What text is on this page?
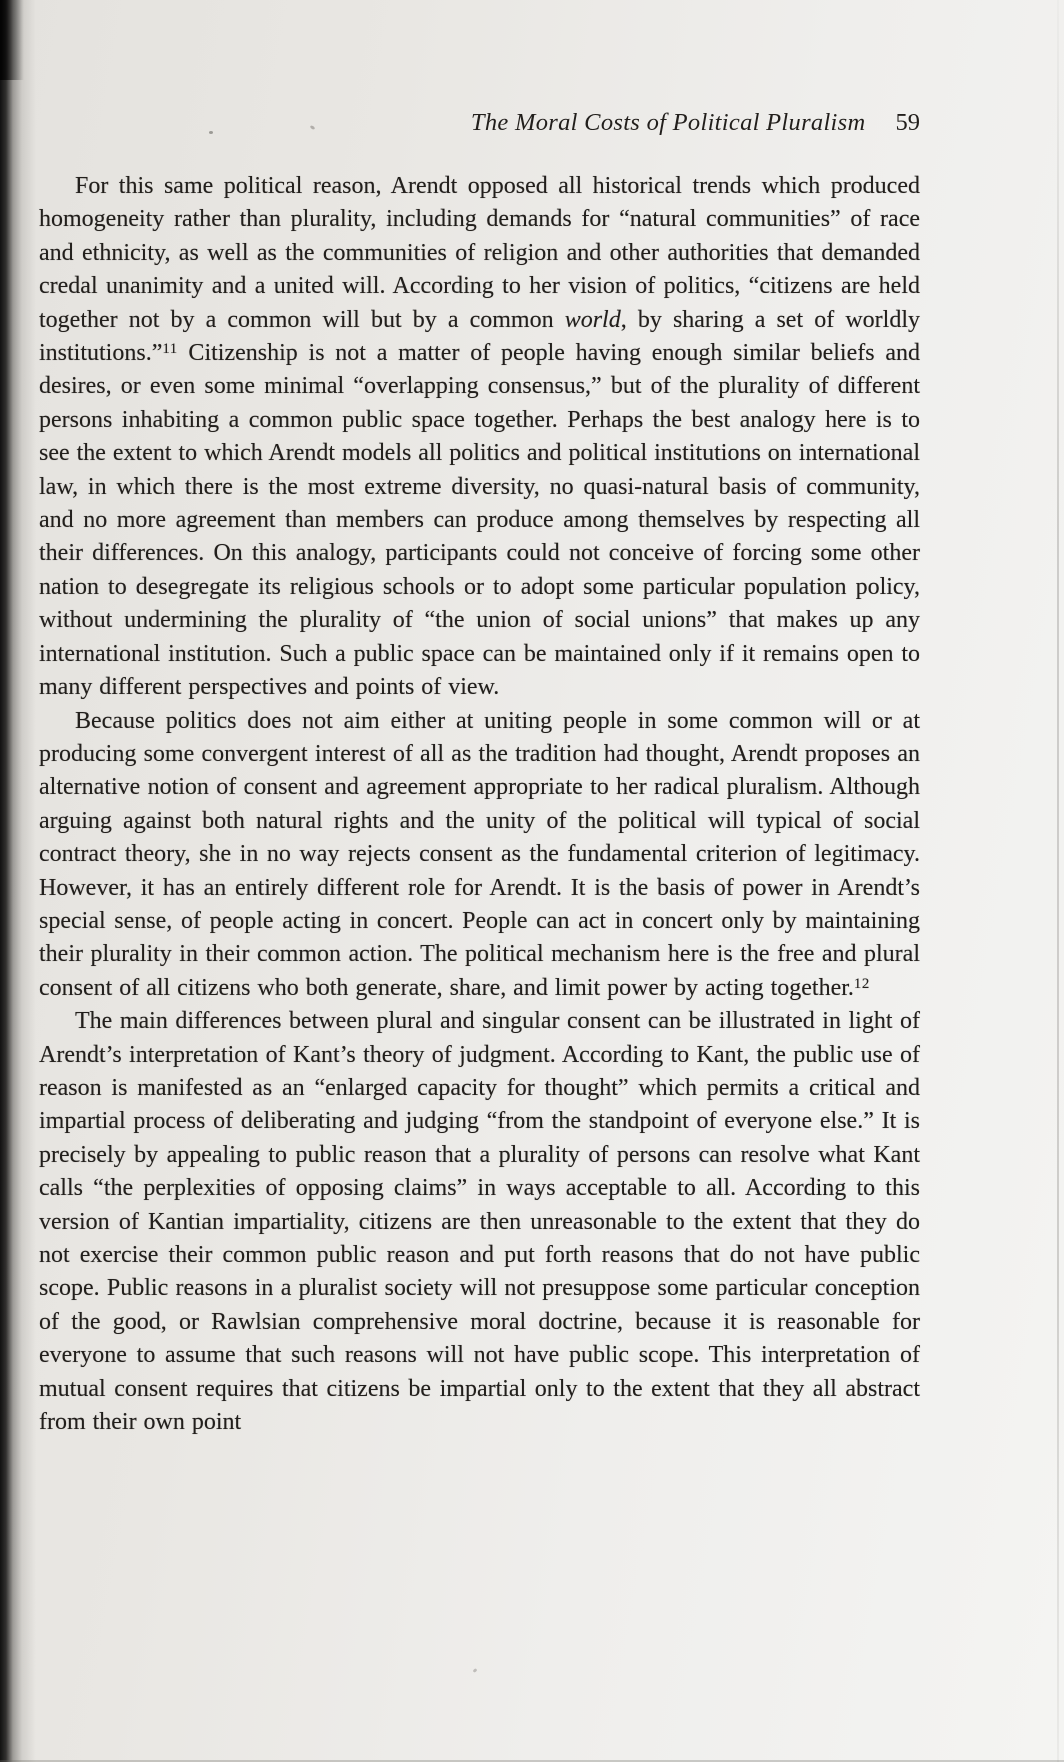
The Moral Costs of Political Pluralism 59

For this same political reason, Arendt opposed all historical trends which produced homogeneity rather than plurality, including demands for “natural communities” of race and ethnicity, as well as the communities of religion and other authorities that demanded credal unanimity and a united will. According to her vision of politics, “citizens are held together not by a common will but by a common world, by sharing a set of worldly institutions.”$^{11}$ Citizenship is not a matter of people having enough similar beliefs and desires, or even some minimal “overlapping consensus,” but of the plurality of different persons inhabiting a common public space together. Perhaps the best analogy here is to see the extent to which Arendt models all politics and political institutions on international law, in which there is the most extreme diversity, no quasi-natural basis of community, and no more agreement than members can produce among themselves by respecting all their differences. On this analogy, participants could not conceive of forcing some other nation to desegregate its religious schools or to adopt some particular population policy, without undermining the plurality of “the union of social unions” that makes up any international institution. Such a public space can be maintained only if it remains open to many different perspectives and points of view.

Because politics does not aim either at uniting people in some common will or at producing some convergent interest of all as the tradition had thought, Arendt proposes an alternative notion of consent and agreement appropriate to her radical pluralism. Although arguing against both natural rights and the unity of the political will typical of social contract theory, she in no way rejects consent as the fundamental criterion of legitimacy. However, it has an entirely different role for Arendt. It is the basis of power in Arendt’s special sense, of people acting in concert. People can act in concert only by maintaining their plurality in their common action. The political mechanism here is the free and plural consent of all citizens who both generate, share, and limit power by acting together.$^{12}$

The main differences between plural and singular consent can be illustrated in light of Arendt’s interpretation of Kant’s theory of judgment. According to Kant, the public use of reason is manifested as an “enlarged capacity for thought” which permits a critical and impartial process of deliberating and judging “from the standpoint of everyone else.” It is precisely by appealing to public reason that a plurality of persons can resolve what Kant calls “the perplexities of opposing claims” in ways acceptable to all. According to this version of Kantian impartiality, citizens are then unreasonable to the extent that they do not exercise their common public reason and put forth reasons that do not have public scope. Public reasons in a pluralist society will not presuppose some particular conception of the good, or Rawlsian comprehensive moral doctrine, because it is reasonable for everyone to assume that such reasons will not have public scope. This interpretation of mutual consent requires that citizens be impartial only to the extent that they all abstract from their own point
